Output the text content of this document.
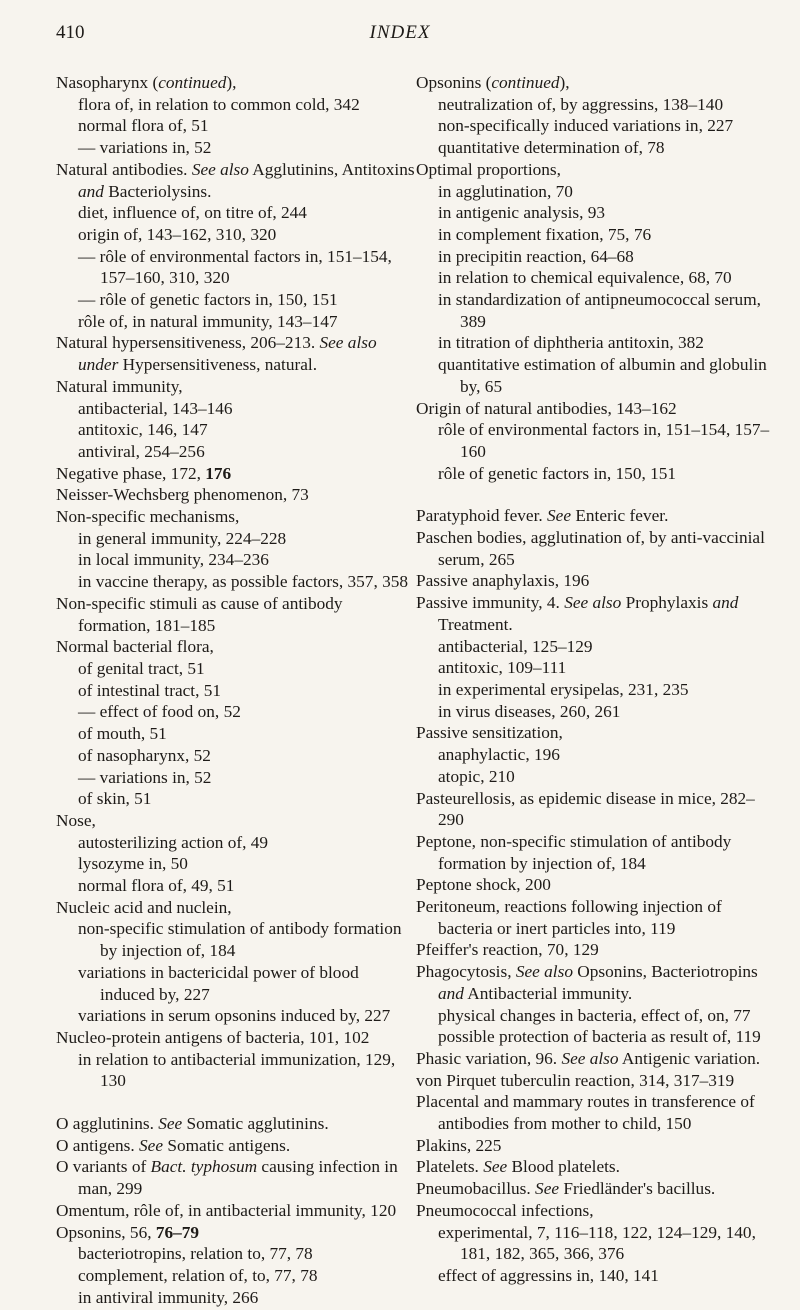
410	INDEX
Nasopharynx (continued),
flora of, in relation to common cold, 342
normal flora of, 51
— variations in, 52
Natural antibodies. See also Agglutinins, Antitoxins and Bacteriolysins.
diet, influence of, on titre of, 244
origin of, 143–162, 310, 320
— rôle of environmental factors in, 151–154, 157–160, 310, 320
— rôle of genetic factors in, 150, 151
rôle of, in natural immunity, 143–147
Natural hypersensitiveness, 206–213. See also under Hypersensitiveness, natural.
Natural immunity,
antibacterial, 143–146
antitoxic, 146, 147
antiviral, 254–256
Negative phase, 172, 176
Neisser-Wechsberg phenomenon, 73
Non-specific mechanisms,
in general immunity, 224–228
in local immunity, 234–236
in vaccine therapy, as possible factors, 357, 358
Non-specific stimuli as cause of antibody formation, 181–185
Normal bacterial flora,
of genital tract, 51
of intestinal tract, 51
— effect of food on, 52
of mouth, 51
of nasopharynx, 52
— variations in, 52
of skin, 51
Nose,
autosterilizing action of, 49
lysozyme in, 50
normal flora of, 49, 51
Nucleic acid and nuclein,
non-specific stimulation of antibody formation by injection of, 184
variations in bactericidal power of blood induced by, 227
variations in serum opsonins induced by, 227
Nucleo-protein antigens of bacteria, 101, 102
in relation to antibacterial immunization, 129, 130
O agglutinins. See Somatic agglutinins.
O antigens. See Somatic antigens.
O variants of Bact. typhosum causing infection in man, 299
Omentum, rôle of, in antibacterial immunity, 120
Opsonins, 56, 76–79
bacteriotropins, relation to, 77, 78
complement, relation of, to, 77, 78
in antiviral immunity, 266
Opsonins (continued),
neutralization of, by aggressins, 138–140
non-specifically induced variations in, 227
quantitative determination of, 78
Optimal proportions,
in agglutination, 70
in antigenic analysis, 93
in complement fixation, 75, 76
in precipitin reaction, 64–68
in relation to chemical equivalence, 68, 70
in standardization of antipneumococcal serum, 389
in titration of diphtheria antitoxin, 382
quantitative estimation of albumin and globulin by, 65
Origin of natural antibodies, 143–162
rôle of environmental factors in, 151–154, 157–160
rôle of genetic factors in, 150, 151
Paratyphoid fever. See Enteric fever.
Paschen bodies, agglutination of, by anti-vaccinial serum, 265
Passive anaphylaxis, 196
Passive immunity, 4. See also Prophylaxis and Treatment.
antibacterial, 125–129
antitoxic, 109–111
in experimental erysipelas, 231, 235
in virus diseases, 260, 261
Passive sensitization,
anaphylactic, 196
atopic, 210
Pasteurellosis, as epidemic disease in mice, 282–290
Peptone, non-specific stimulation of antibody formation by injection of, 184
Peptone shock, 200
Peritoneum, reactions following injection of bacteria or inert particles into, 119
Pfeiffer's reaction, 70, 129
Phagocytosis, See also Opsonins, Bacteriotropins and Antibacterial immunity.
physical changes in bacteria, effect of, on, 77
possible protection of bacteria as result of, 119
Phasic variation, 96. See also Antigenic variation.
von Pirquet tuberculin reaction, 314, 317–319
Placental and mammary routes in transference of antibodies from mother to child, 150
Plakins, 225
Platelets. See Blood platelets.
Pneumobacillus. See Friedländer's bacillus.
Pneumococcal infections,
experimental, 7, 116–118, 122, 124–129, 140, 181, 182, 365, 366, 376
effect of aggressins in, 140, 141
